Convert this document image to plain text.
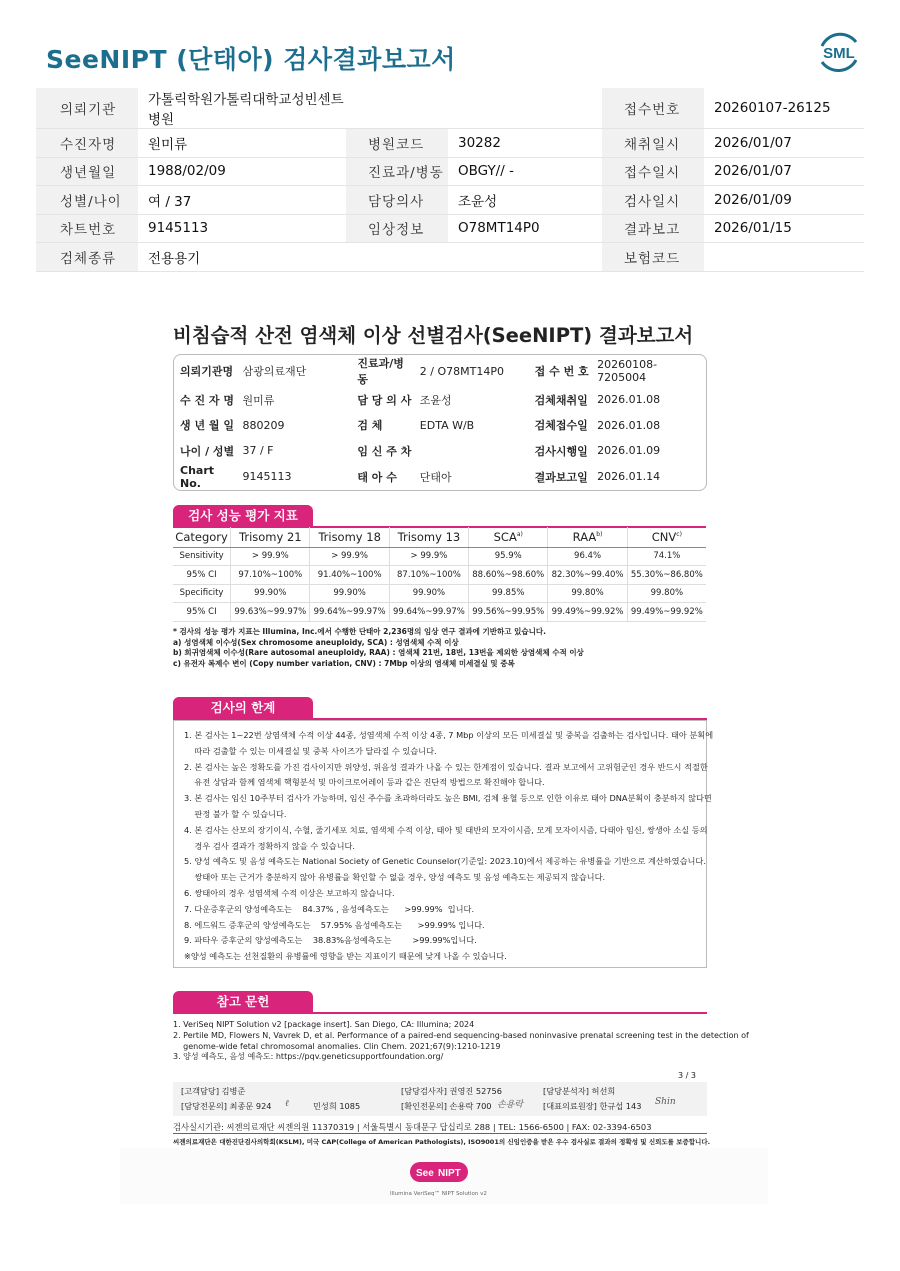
SeeNIPT (단태아) 검사결과보고서	SML
의뢰기관	가톨릭학원가톨릭대학교성빈센트병원			접수번호	20260107-26125
수진자명	원미류	병원코드	30282	채취일시	2026/01/07
생년월일	1988/02/09	진료과/병동	OBGY// -	접수일시	2026/01/07
성별/나이	여 / 37	담당의사	조윤성	검사일시	2026/01/09
차트번호	9145113	임상정보	O78MT14P0	결과보고	2026/01/15
검체종류	전용용기			보험코드	
비침습적 산전 염색체 이상 선별검사(SeeNIPT) 결과보고서
의뢰기관명	삼광의료재단	진료과/병동	2 / O78MT14P0	접 수 번 호	20260108-7205004
수 진 자 명	원미류	담 당 의 사	조윤성	검체채취일	2026.01.08
생 년 월 일	880209	검 체	EDTA W/B	검체접수일	2026.01.08
나이 / 성별	37 / F	임 신 주 차		검사시행일	2026.01.09
Chart No.	9145113	태 아 수	단태아	결과보고일	2026.01.14
검사 성능 평가 지표
Category	Trisomy 21	Trisomy 18	Trisomy 13	SCA$^{a)}$	RAA$^{b)}$	CNV$^{c)}$
Sensitivity	> 99.9%	> 99.9%	> 99.9%	95.9%	96.4%	74.1%
95% CI	97.10%~100%	91.40%~100%	87.10%~100%	88.60%~98.60%	82.30%~99.40%	55.30%~86.80%
Specificity	99.90%	99.90%	99.90%	99.85%	99.80%	99.80%
95% CI	99.63%~99.97%	99.64%~99.97%	99.64%~99.97%	99.56%~99.95%	99.49%~99.92%	99.49%~99.92%
* 검사의 성능 평가 지표는 Illumina, Inc.에서 수행한 단태아 2,236명의 임상 연구 결과에 기반하고 있습니다.
a) 성염색체 이수성(Sex chromosome aneuploidy, SCA) : 성염색체 수적 이상
b) 희귀염색체 이수성(Rare autosomal aneuploidy, RAA) : 염색체 21번, 18번, 13번을 제외한 상염색체 수적 이상
c) 유전자 복제수 변이 (Copy number variation, CNV) : 7Mbp 이상의 염색체 미세결실 및 중복
검사의 한계

1. 본 검사는 1~22번 상염색체 수적 이상 44종, 성염색체 수적 이상 4종, 7 Mbp 이상의 모든 미세결실 및 중복을 검출하는 검사입니다. 태아 분획에

따라 검출할 수 있는 미세결실 및 중복 사이즈가 달라질 수 있습니다.

2. 본 검사는 높은 정확도를 가진 검사이지만 위양성, 위음성 결과가 나올 수 있는 한계점이 있습니다. 결과 보고에서 고위험군인 경우 반드시 적절한

유전 상담과 함께 염색체 핵형분석 및 마이크로어레이 등과 같은 진단적 방법으로 확진해야 합니다.

3. 본 검사는 임신 10주부터 검사가 가능하며, 임신 주수를 초과하더라도 높은 BMI, 검체 용혈 등으로 인한 이유로 태아 DNA분획이 충분하지 않다면

판정 불가 할 수 있습니다.

4. 본 검사는 산모의 장기이식, 수혈, 줄기세포 치료, 염색체 수적 이상, 태아 및 태반의 모자이시즘, 모계 모자이시즘, 다태아 임신, 쌍생아 소실 등의

경우 검사 결과가 정확하지 않을 수 있습니다.

5. 양성 예측도 및 음성 예측도는 National Society of Genetic Counselor(기준일: 2023.10)에서 제공하는 유병률을 기반으로 계산하였습니다.

쌍태아 또는 근거가 충분하지 않아 유병률을 확인할 수 없을 경우, 양성 예측도 및 음성 예측도는 제공되지 않습니다.

6. 쌍태아의 경우 성염색체 수적 이상은 보고하지 않습니다.

7. 다운증후군의 양성예측도는    84.37% , 음성예측도는      >99.99%  입니다.

8. 에드워드 증후군의 양성예측도는    57.95% 음성예측도는      >99.99% 입니다.

9. 파타우 증후군의 양성예측도는    38.83%음성예측도는        >99.99%입니다.

※양성 예측도는 선천질환의 유병률에 영향을 받는 지표이기 때문에 낮게 나올 수 있습니다.

참고 문헌
1. VeriSeq NIPT Solution v2 [package insert]. San Diego, CA: Illumina; 2024
2. Pertile MD, Flowers N, Vavrek D, et al. Performance of a paired-end sequencing-based noninvasive prenatal screening test in the detection of
genome-wide fetal chromosomal anomalies. Clin Chem. 2021;67(9):1210-1219
3. 양성 예측도, 음성 예측도: https://pqv.geneticsupportfoundation.org/
3 / 3
[고객담당] 김병준
[담당전문의] 최종문 924 ℓ	민성희 1085
[담당검사자] 권영진 52756
[확인전문의] 손용락 700 손용락
[담당분석자] 허선희
[대표의료원장] 한규섭 143 Shin
검사실시기관: 씨젠의료재단 씨젠의원 11370319 | 서울특별시 동대문구 답십리로 288 | TEL: 1566-6500 | FAX: 02-3394-6503
씨젠의료재단은 대한진단검사의학회(KSLM), 미국 CAP(College of American Pathologists), ISO9001의 신임인증을 받은 우수 검사실로 결과의 정확성 및 신뢰도를 보증합니다.
See NIPT
Illumina VeriSeq™ NIPT Solution v2
